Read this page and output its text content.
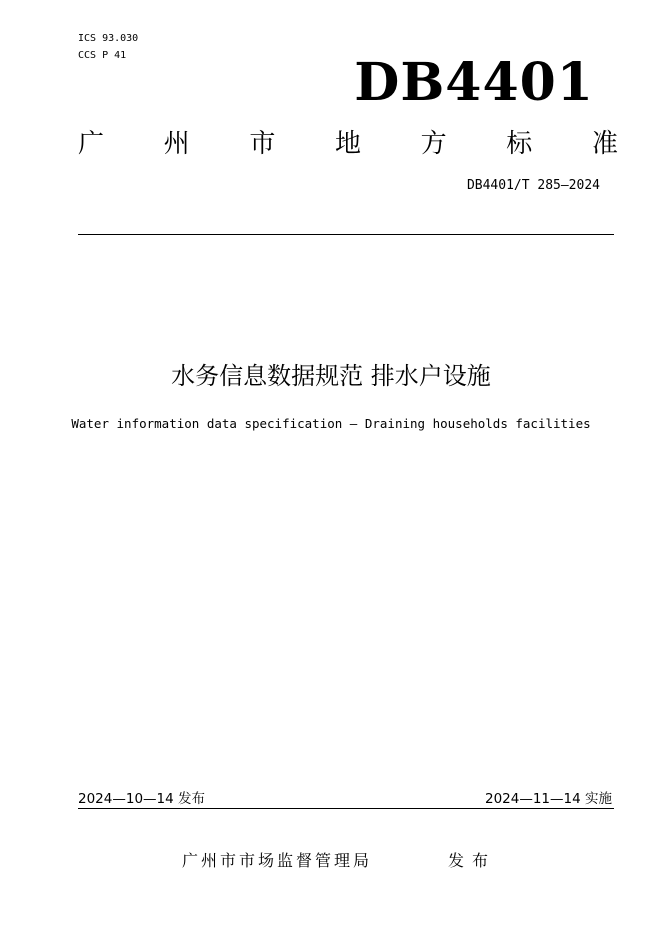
ICS 93.030
CCS P 41	DB4401
广 州 市 地 方 标 准
DB4401/T 285—2024
水务信息数据规范 排水户设施
Water information data specification — Draining households facilities
2024—10—14 发布	2024—11—14 实施
广州市市场监督管理局	发布
